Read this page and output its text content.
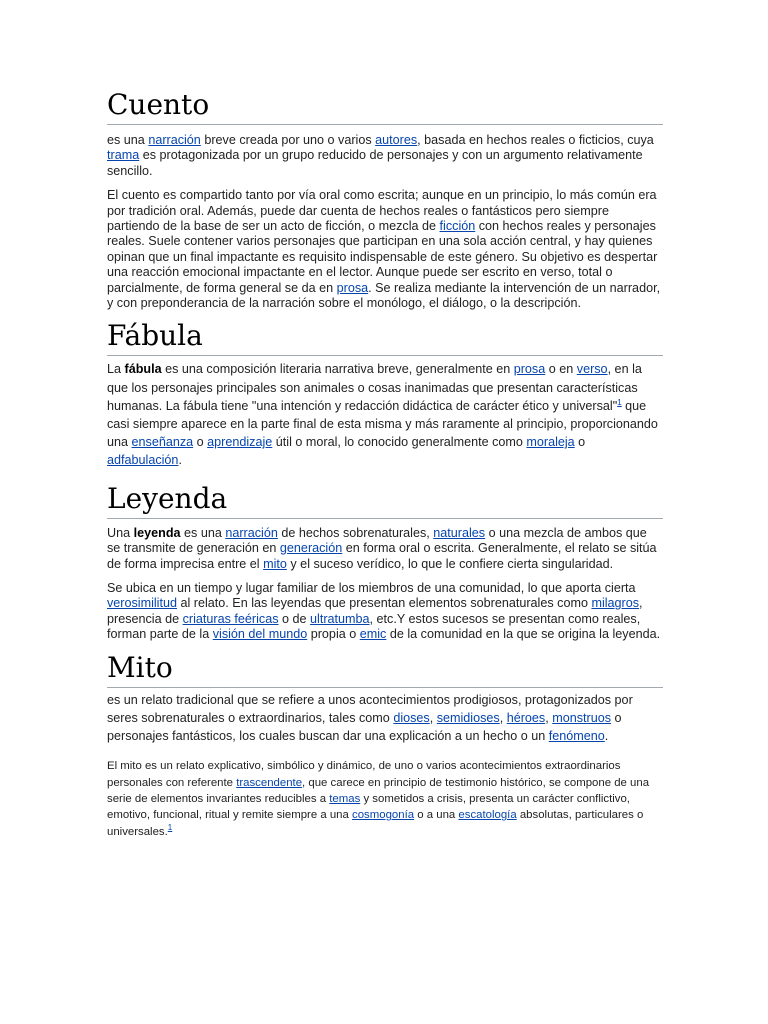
Cuento

es una narración breve creada por uno o varios autores, basada en hechos reales o ficticios, cuya trama es protagonizada por un grupo reducido de personajes y con un argumento relativamente sencillo.

El cuento es compartido tanto por vía oral como escrita; aunque en un principio, lo más común era por tradición oral. Además, puede dar cuenta de hechos reales o fantásticos pero siempre partiendo de la base de ser un acto de ficción, o mezcla de ficción con hechos reales y personajes reales. Suele contener varios personajes que participan en una sola acción central, y hay quienes opinan que un final impactante es requisito indispensable de este género. Su objetivo es despertar una reacción emocional impactante en el lector. Aunque puede ser escrito en verso, total o parcialmente, de forma general se da en prosa. Se realiza mediante la intervención de un narrador, y con preponderancia de la narración sobre el monólogo, el diálogo, o la descripción.

Fábula

La fábula es una composición literaria narrativa breve, generalmente en prosa o en verso, en la que los personajes principales son animales o cosas inanimadas que presentan características humanas. La fábula tiene "una intención y redacción didáctica de carácter ético y universal"$^1$ que casi siempre aparece en la parte final de esta misma y más raramente al principio, proporcionando una enseñanza o aprendizaje útil o moral, lo conocido generalmente como moraleja o adfabulación.

Leyenda

Una leyenda es una narración de hechos sobrenaturales, naturales o una mezcla de ambos que se transmite de generación en generación en forma oral o escrita. Generalmente, el relato se sitúa de forma imprecisa entre el mito y el suceso verídico, lo que le confiere cierta singularidad.

Se ubica en un tiempo y lugar familiar de los miembros de una comunidad, lo que aporta cierta verosimilitud al relato. En las leyendas que presentan elementos sobrenaturales como milagros, presencia de criaturas feéricas o de ultratumba, etc.Y estos sucesos se presentan como reales, forman parte de la visión del mundo propia o emic de la comunidad en la que se origina la leyenda.

Mito

es un relato tradicional que se refiere a unos acontecimientos prodigiosos, protagonizados por seres sobrenaturales o extraordinarios, tales como dioses, semidioses, héroes, monstruos o personajes fantásticos, los cuales buscan dar una explicación a un hecho o un fenómeno.

El mito es un relato explicativo, simbólico y dinámico, de uno o varios acontecimientos extraordinarios personales con referente trascendente, que carece en principio de testimonio histórico, se compone de una serie de elementos invariantes reducibles a temas y sometidos a crisis, presenta un carácter conflictivo, emotivo, funcional, ritual y remite siempre a una cosmogonía o a una escatología absolutas, particulares o universales.$^1$
